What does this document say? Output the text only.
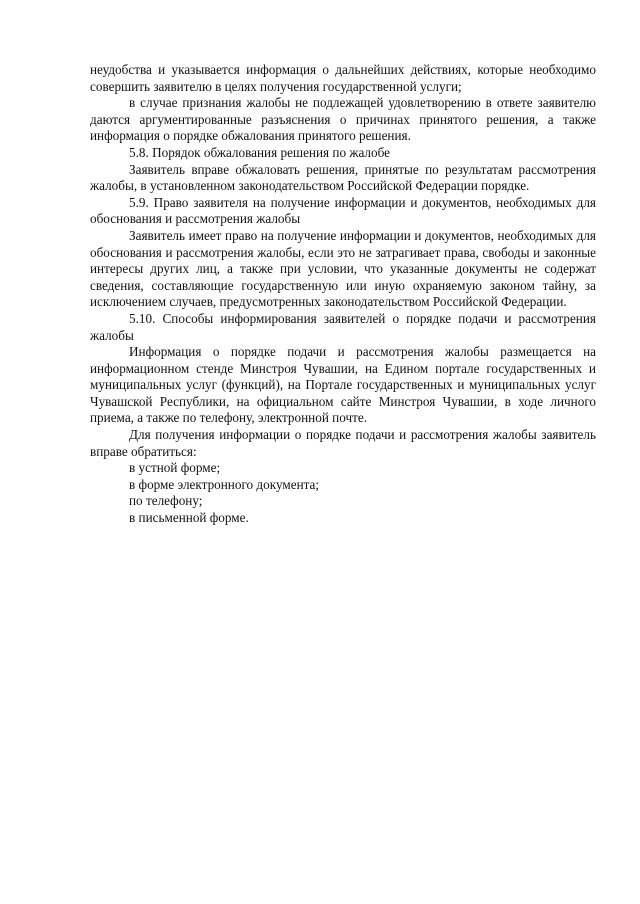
неудобства и указывается информация о дальнейших действиях, которые необходимо совершить заявителю в целях получения государственной услуги;

в случае признания жалобы не подлежащей удовлетворению в ответе заявителю даются аргументированные разъяснения о причинах принятого решения, а также информация о порядке обжалования принятого решения.

5.8. Порядок обжалования решения по жалобе

Заявитель вправе обжаловать решения, принятые по результатам рассмотрения жалобы, в установленном законодательством Российской Федерации порядке.

5.9. Право заявителя на получение информации и документов, необходимых для обоснования и рассмотрения жалобы

Заявитель имеет право на получение информации и документов, необходимых для обоснования и рассмотрения жалобы, если это не затрагивает права, свободы и законные интересы других лиц, а также при условии, что указанные документы не содержат сведения, составляющие государственную или иную охраняемую законом тайну, за исключением случаев, предусмотренных законодательством Российской Федерации.

5.10. Способы информирования заявителей о порядке подачи и рассмотрения жалобы

Информация о порядке подачи и рассмотрения жалобы размещается на информационном стенде Минстроя Чувашии, на Едином портале государственных и муниципальных услуг (функций), на Портале государственных и муниципальных услуг Чувашской Республики, на официальном сайте Минстроя Чувашии, в ходе личного приема, а также по телефону, электронной почте.

Для получения информации о порядке подачи и рассмотрения жалобы заявитель вправе обратиться:

в устной форме;

в форме электронного документа;

по телефону;

в письменной форме.
